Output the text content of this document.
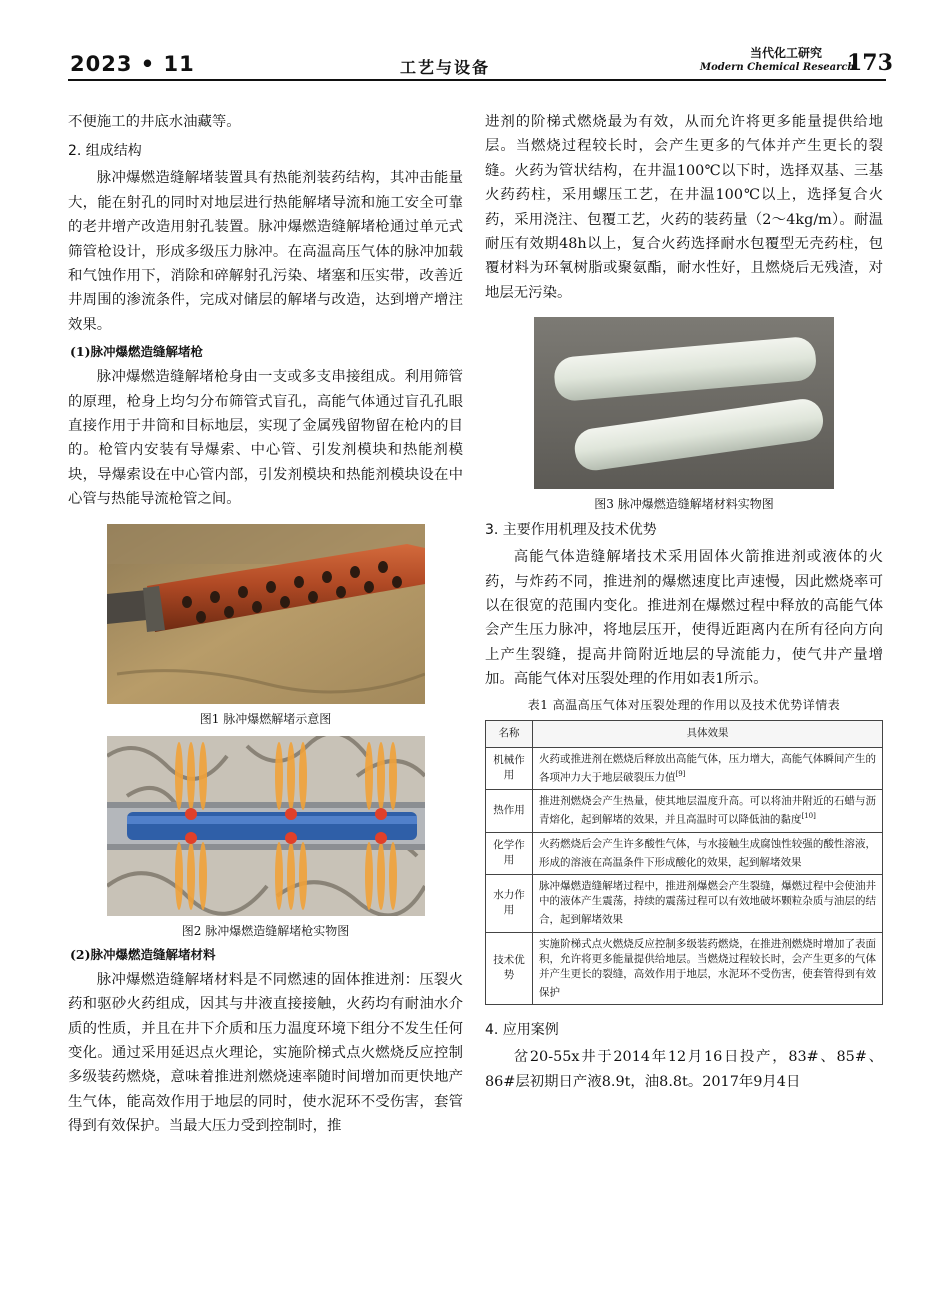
2023 • 11	工艺与设备
当代化工研究
Modern Chemical Research
173

不便施工的井底水油藏等。

2. 组成结构

脉冲爆燃造缝解堵装置具有热能剂装药结构，其冲击能量大，能在射孔的同时对地层进行热能解堵导流和施工安全可靠的老井增产改造用射孔装置。脉冲爆燃造缝解堵枪通过单元式筛管枪设计，形成多级压力脉冲。在高温高压气体的脉冲加载和气蚀作用下，消除和碎解射孔污染、堵塞和压实带，改善近井周围的渗流条件，完成对储层的解堵与改造，达到增产增注效果。

(1)脉冲爆燃造缝解堵枪

脉冲爆燃造缝解堵枪身由一支或多支串接组成。利用筛管的原理，枪身上均匀分布筛管式盲孔，高能气体通过盲孔孔眼直接作用于井筒和目标地层，实现了金属残留物留在枪内的目的。枪管内安装有导爆索、中心管、引发剂模块和热能剂模块，导爆索设在中心管内部，引发剂模块和热能剂模块设在中心管与热能导流枪管之间。

图1 脉冲爆燃解堵示意图
图2 脉冲爆燃造缝解堵枪实物图
(2)脉冲爆燃造缝解堵材料

脉冲爆燃造缝解堵材料是不同燃速的固体推进剂：压裂火药和驱砂火药组成，因其与井液直接接触，火药均有耐油水介质的性质，并且在井下介质和压力温度环境下组分不发生任何变化。通过采用延迟点火理论，实施阶梯式点火燃烧反应控制多级装药燃烧，意味着推进剂燃烧速率随时间增加而更快地产生气体，能高效作用于地层的同时，使水泥环不受伤害，套管得到有效保护。当最大压力受到控制时，推

进剂的阶梯式燃烧最为有效，从而允许将更多能量提供给地层。当燃烧过程较长时，会产生更多的气体并产生更长的裂缝。火药为管状结构，在井温100℃以下时，选择双基、三基火药药柱，采用螺压工艺，在井温100℃以上，选择复合火药，采用浇注、包覆工艺，火药的装药量（2～4kg/m）。耐温耐压有效期48h以上，复合火药选择耐水包覆型无壳药柱，包覆材料为环氧树脂或聚氨酯，耐水性好，且燃烧后无残渣，对地层无污染。

图3 脉冲爆燃造缝解堵材料实物图
3. 主要作用机理及技术优势

高能气体造缝解堵技术采用固体火箭推进剂或液体的火药，与炸药不同，推进剂的爆燃速度比声速慢，因此燃烧率可以在很宽的范围内变化。推进剂在爆燃过程中释放的高能气体会产生压力脉冲，将地层压开，使得近距离内在所有径向方向上产生裂缝，提高井筒附近地层的导流能力，使气井产量增加。高能气体对压裂处理的作用如表1所示。

表1 高温高压气体对压裂处理的作用以及技术优势详情表
名称	具体效果
机械作用	火药或推进剂在燃烧后释放出高能气体，压力增大，高能气体瞬间产生的各项冲力大于地层破裂压力值[9]
热作用	推进剂燃烧会产生热量，使其地层温度升高。可以将油井附近的石蜡与沥青熔化，起到解堵的效果，并且高温时可以降低油的黏度[10]
化学作用	火药燃烧后会产生许多酸性气体，与水接触生成腐蚀性较强的酸性溶液，形成的溶液在高温条件下形成酸化的效果，起到解堵效果
水力作用	脉冲爆燃造缝解堵过程中，推进剂爆燃会产生裂缝，爆燃过程中会使油井中的液体产生震荡，持续的震荡过程可以有效地破坏颗粒杂质与油层的结合，起到解堵效果
技术优势	实施阶梯式点火燃烧反应控制多级装药燃烧，在推进剂燃烧时增加了表面积，允许将更多能量提供给地层。当燃烧过程较长时，会产生更多的气体并产生更长的裂缝，高效作用于地层，水泥环不受伤害，使套管得到有效保护
4. 应用案例

岔20-55x井于2014年12月16日投产，83#、85#、86#层初期日产液8.9t，油8.8t。2017年9月4日
